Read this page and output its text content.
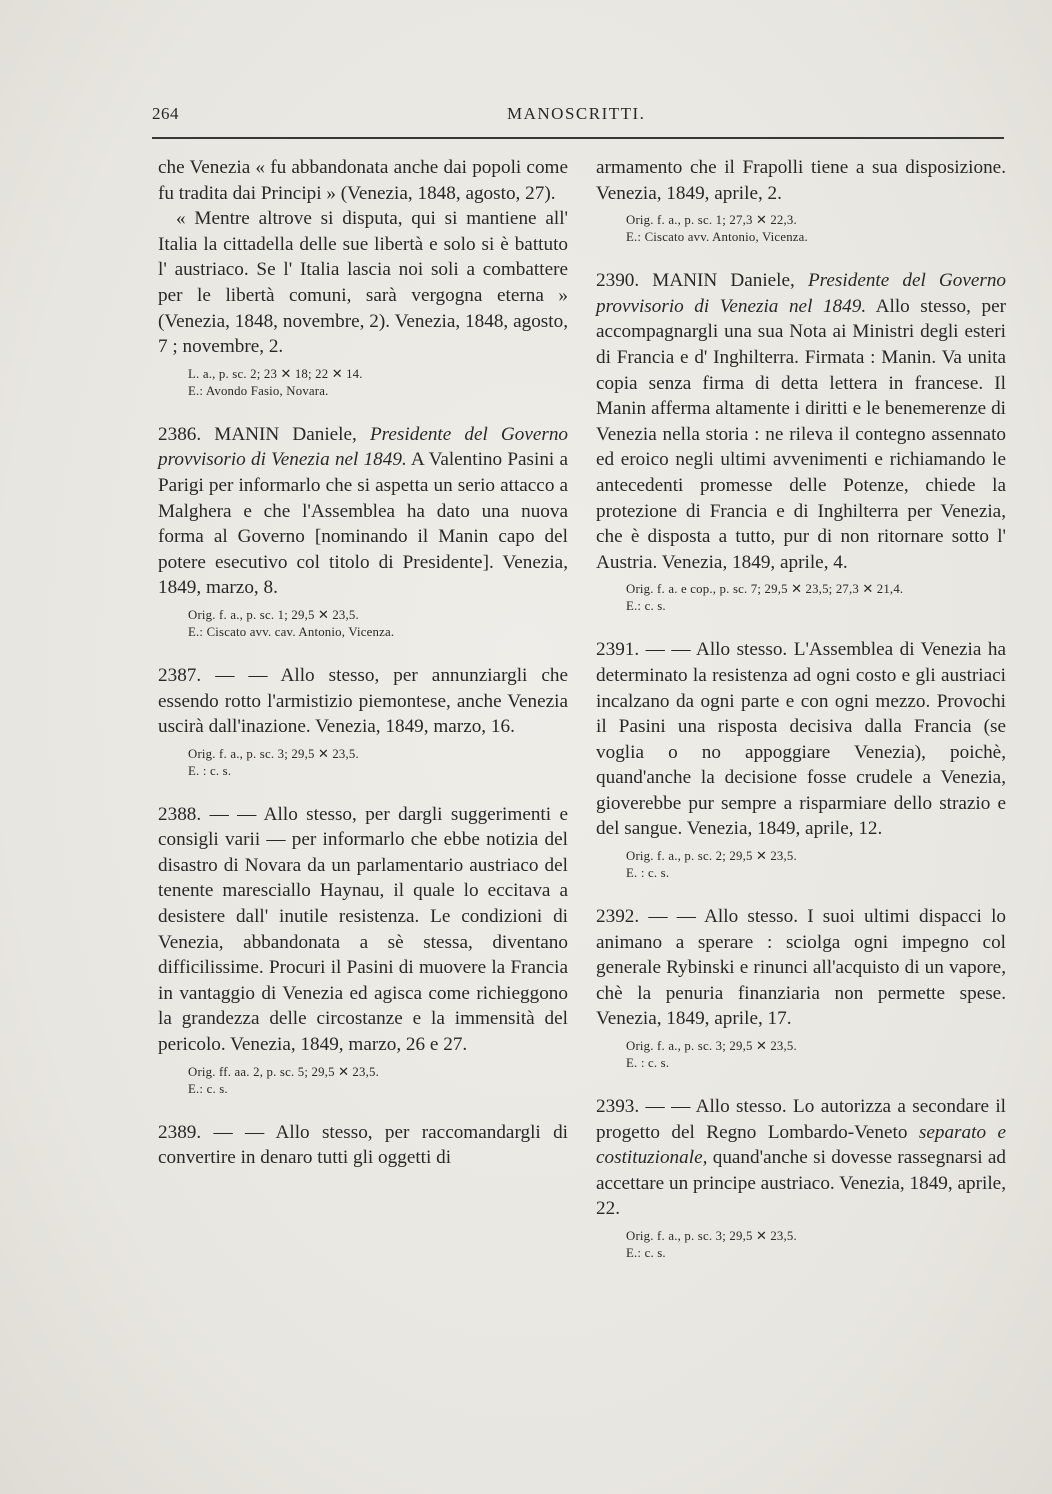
264	MANOSCRITTI.

che Venezia « fu abbandonata anche dai popoli come fu tradita dai Principi » (Venezia, 1848, agosto, 27).

« Mentre altrove si disputa, qui si mantiene all' Italia la cittadella delle sue libertà e solo si è battuto l' austriaco. Se l' Italia lascia noi soli a combattere per le libertà comuni, sarà vergogna eterna » (Venezia, 1848, novembre, 2). Venezia, 1848, agosto, 7 ; novembre, 2.

L. a., p. sc. 2; 23 ✕ 18; 22 ✕ 14.

E.: Avondo Fasio, Novara.

2386. MANIN Daniele, Presidente del Governo provvisorio di Venezia nel 1849. A Valentino Pasini a Parigi per informarlo che si aspetta un serio attacco a Malghera e che l'Assemblea ha dato una nuova forma al Governo [nominando il Manin capo del potere esecutivo col titolo di Presidente]. Venezia, 1849, marzo, 8.

Orig. f. a., p. sc. 1; 29,5 ✕ 23,5.

E.: Ciscato avv. cav. Antonio, Vicenza.

2387. — — Allo stesso, per annunziargli che essendo rotto l'armistizio piemontese, anche Venezia uscirà dall'inazione. Venezia, 1849, marzo, 16.

Orig. f. a., p. sc. 3; 29,5 ✕ 23,5.

E. : c. s.

2388. — — Allo stesso, per dargli suggerimenti e consigli varii — per informarlo che ebbe notizia del disastro di Novara da un parlamentario austriaco del tenente maresciallo Haynau, il quale lo eccitava a desistere dall' inutile resistenza. Le condizioni di Venezia, abbandonata a sè stessa, diventano difficilissime. Procuri il Pasini di muovere la Francia in vantaggio di Venezia ed agisca come richieggono la grandezza delle circostanze e la immensità del pericolo. Venezia, 1849, marzo, 26 e 27.

Orig. ff. aa. 2, p. sc. 5; 29,5 ✕ 23,5.

E.: c. s.

2389. — — Allo stesso, per raccomandargli di convertire in denaro tutti gli oggetti di

armamento che il Frapolli tiene a sua disposizione. Venezia, 1849, aprile, 2.

Orig. f. a., p. sc. 1; 27,3 ✕ 22,3.

E.: Ciscato avv. Antonio, Vicenza.

2390. MANIN Daniele, Presidente del Governo provvisorio di Venezia nel 1849. Allo stesso, per accompagnargli una sua Nota ai Ministri degli esteri di Francia e d' Inghilterra. Firmata : Manin. Va unita copia senza firma di detta lettera in francese. Il Manin afferma altamente i diritti e le benemerenze di Venezia nella storia : ne rileva il contegno assennato ed eroico negli ultimi avvenimenti e richiamando le antecedenti promesse delle Potenze, chiede la protezione di Francia e di Inghilterra per Venezia, che è disposta a tutto, pur di non ritornare sotto l' Austria. Venezia, 1849, aprile, 4.

Orig. f. a. e cop., p. sc. 7; 29,5 ✕ 23,5; 27,3 ✕ 21,4.

E.: c. s.

2391. — — Allo stesso. L'Assemblea di Venezia ha determinato la resistenza ad ogni costo e gli austriaci incalzano da ogni parte e con ogni mezzo. Provochi il Pasini una risposta decisiva dalla Francia (se voglia o no appoggiare Venezia), poichè, quand'anche la decisione fosse crudele a Venezia, gioverebbe pur sempre a risparmiare dello strazio e del sangue. Venezia, 1849, aprile, 12.

Orig. f. a., p. sc. 2; 29,5 ✕ 23,5.

E. : c. s.

2392. — — Allo stesso. I suoi ultimi dispacci lo animano a sperare : sciolga ogni impegno col generale Rybinski e rinunci all'acquisto di un vapore, chè la penuria finanziaria non permette spese. Venezia, 1849, aprile, 17.

Orig. f. a., p. sc. 3; 29,5 ✕ 23,5.

E. : c. s.

2393. — — Allo stesso. Lo autorizza a secondare il progetto del Regno Lombardo-Veneto separato e costituzionale, quand'anche si dovesse rassegnarsi ad accettare un principe austriaco. Venezia, 1849, aprile, 22.

Orig. f. a., p. sc. 3; 29,5 ✕ 23,5.

E.: c. s.
